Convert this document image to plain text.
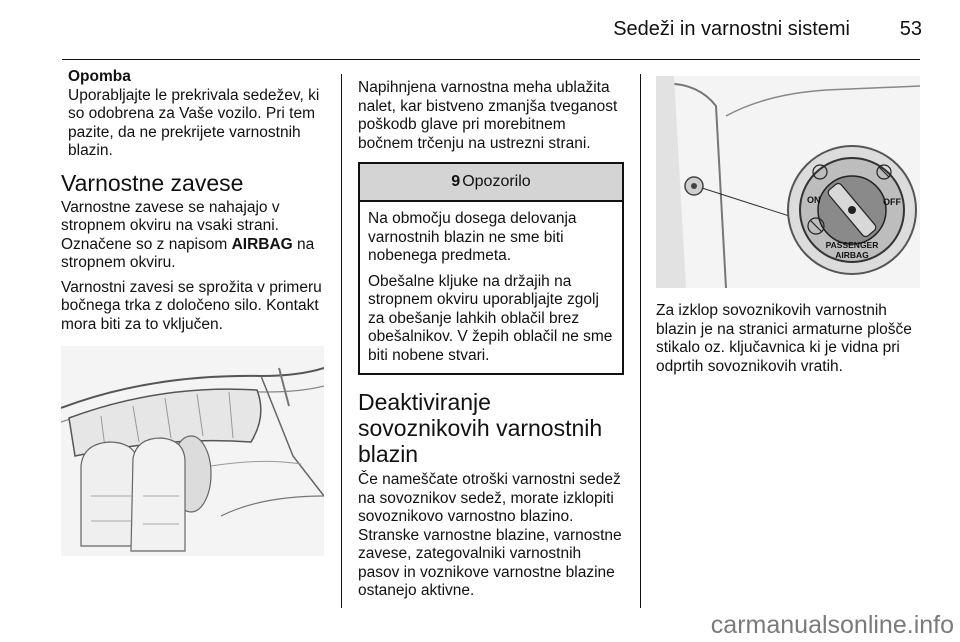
Sedeži in varnostni sistemi	53

Opomba

Uporabljajte le prekrivala sedežev, ki so odobrena za Vaše vozilo. Pri tem pazite, da ne prekrijete varnostnih blazin.

Varnostne zavese

Varnostne zavese se nahajajo v stropnem okviru na vsaki strani. Označene so z napisom AIRBAG na stropnem okviru.

Varnostni zavesi se sprožita v primeru bočnega trka z določeno silo. Kontakt mora biti za to vključen.

Napihnjena varnostna meha ublažita nalet, kar bistveno zmanjša tveganost poškodb glave pri morebitnem bočnem trčenju na ustrezni strani.

9 Opozorilo

Na območju dosega delovanja varnostnih blazin ne sme biti nobenega predmeta.

Obešalne kljuke na držajih na stropnem okviru uporabljajte zgolj za obešanje lahkih oblačil brez obešalnikov. V žepih oblačil ne sme biti nobene stvari.

Deaktiviranje sovoznikovih varnostnih blazin

Če nameščate otroški varnostni sedež na sovoznikov sedež, morate izklopiti sovoznikovo varnostno blazino. Stranske varnostne blazine, varnostne zavese, zategovalniki varnostnih pasov in voznikove varnostne blazine ostanejo aktivne.

ON	OFF
PASSENGER
AIRBAG

Za izklop sovoznikovih varnostnih blazin je na stranici armaturne plošče stikalo oz. ključavnica ki je vidna pri odprtih sovoznikovih vratih.

carmanualsonline.info
